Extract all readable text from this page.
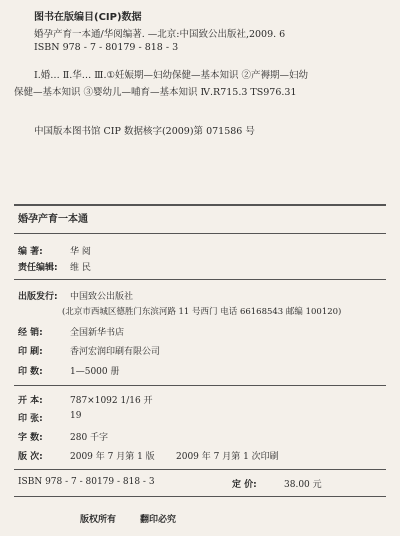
图书在版编目(CIP)数据
婚孕产育一本通/华阅编著. —北京:中国致公出版社,2009. 6
ISBN 978 - 7 - 80179 - 818 - 3
Ⅰ.婚… Ⅱ.华… Ⅲ.①妊娠期—妇幼保健—基本知识 ②产褥期—妇幼
保健—基本知识 ③婴幼儿—哺育—基本知识 Ⅳ.R715.3 TS976.31
中国版本图书馆 CIP 数据核字(2009)第 071586 号
婚孕产育一本通
编 著:	华 阅
责任编辑: 维 民
出版发行: 中国致公出版社
(北京市西城区德胜门东滨河路 11 号西门 电话 66168543 邮编 100120)
经 销:	全国新华书店
印 刷:	香河宏润印刷有限公司
印 数:	1—5000 册
开 本:	787×1092 1/16 开
印 张:	19
字 数:	280 千字
版 次:	2009 年 7 月第 1 版 2009 年 7 月第 1 次印刷
ISBN 978 - 7 - 80179 - 818 - 3	定 价:	38.00 元
版权所有	翻印必究
